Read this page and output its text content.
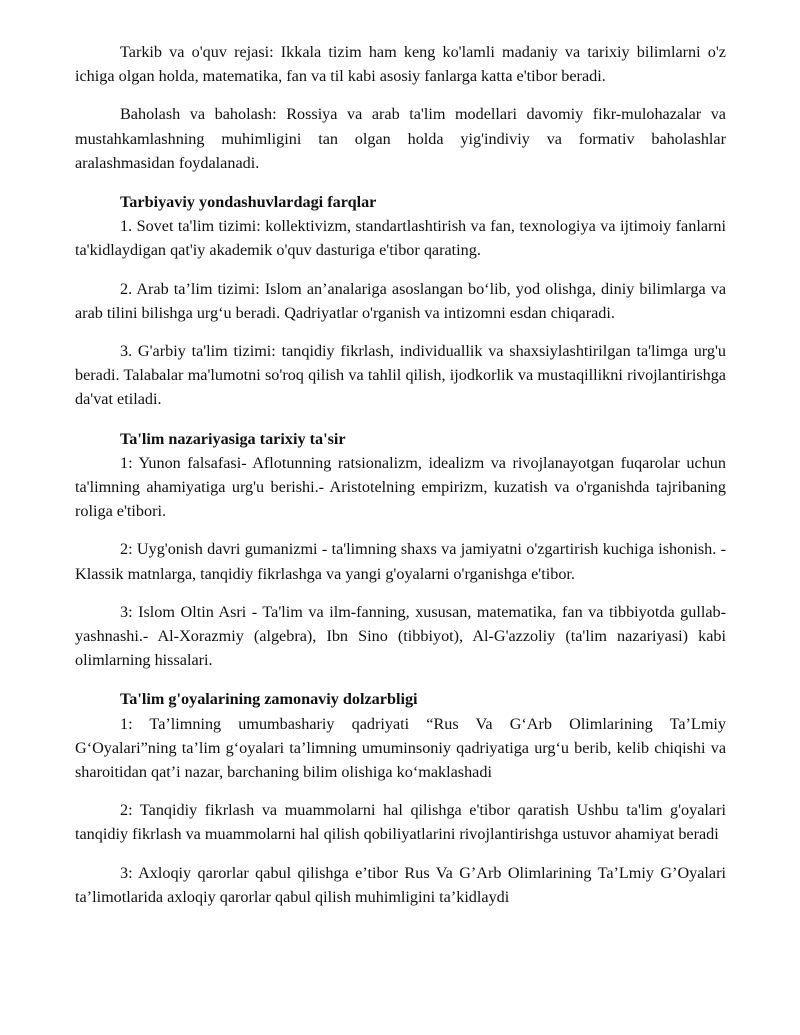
Tarkib va o'quv rejasi: Ikkala tizim ham keng ko'lamli madaniy va tarixiy bilimlarni o'z ichiga olgan holda, matematika, fan va til kabi asosiy fanlarga katta e'tibor beradi.

Baholash va baholash: Rossiya va arab ta'lim modellari davomiy fikr-mulohazalar va mustahkamlashning muhimligini tan olgan holda yig'indiviy va formativ baholashlar aralashmasidan foydalanadi.

Tarbiyaviy yondashuvlardagi farqlar

1. Sovet ta'lim tizimi: kollektivizm, standartlashtirish va fan, texnologiya va ijtimoiy fanlarni ta'kidlaydigan qat'iy akademik o'quv dasturiga e'tibor qarating.

2. Arab ta’lim tizimi: Islom an’analariga asoslangan bo‘lib, yod olishga, diniy bilimlarga va arab tilini bilishga urg‘u beradi. Qadriyatlar o'rganish va intizomni esdan chiqaradi.

3. G'arbiy ta'lim tizimi: tanqidiy fikrlash, individuallik va shaxsiylashtirilgan ta'limga urg'u beradi. Talabalar ma'lumotni so'roq qilish va tahlil qilish, ijodkorlik va mustaqillikni rivojlantirishga da'vat etiladi.

Ta'lim nazariyasiga tarixiy ta'sir

1: Yunon falsafasi- Aflotunning ratsionalizm, idealizm va rivojlanayotgan fuqarolar uchun ta'limning ahamiyatiga urg'u berishi.- Aristotelning empirizm, kuzatish va o'rganishda tajribaning roliga e'tibori.

2: Uyg'onish davri gumanizmi - ta'limning shaxs va jamiyatni o'zgartirish kuchiga ishonish. - Klassik matnlarga, tanqidiy fikrlashga va yangi g'oyalarni o'rganishga e'tibor.

3: Islom Oltin Asri - Ta'lim va ilm-fanning, xususan, matematika, fan va tibbiyotda gullab-yashnashi.- Al-Xorazmiy (algebra), Ibn Sino (tibbiyot), Al-G'azzoliy (ta'lim nazariyasi) kabi olimlarning hissalari.

Ta'lim g'oyalarining zamonaviy dolzarbligi

1: Ta’limning umumbashariy qadriyati “Rus Va G‘Arb Olimlarining Ta’Lmiy G‘Oyalari”ning ta’lim g‘oyalari ta’limning umuminsoniy qadriyatiga urg‘u berib, kelib chiqishi va sharoitidan qat’i nazar, barchaning bilim olishiga ko‘maklashadi

2: Tanqidiy fikrlash va muammolarni hal qilishga e'tibor qaratish Ushbu ta'lim g'oyalari tanqidiy fikrlash va muammolarni hal qilish qobiliyatlarini rivojlantirishga ustuvor ahamiyat beradi

3: Axloqiy qarorlar qabul qilishga e’tibor Rus Va G’Arb Olimlarining Ta’Lmiy G’Oyalari ta’limotlarida axloqiy qarorlar qabul qilish muhimligini ta’kidlaydi
